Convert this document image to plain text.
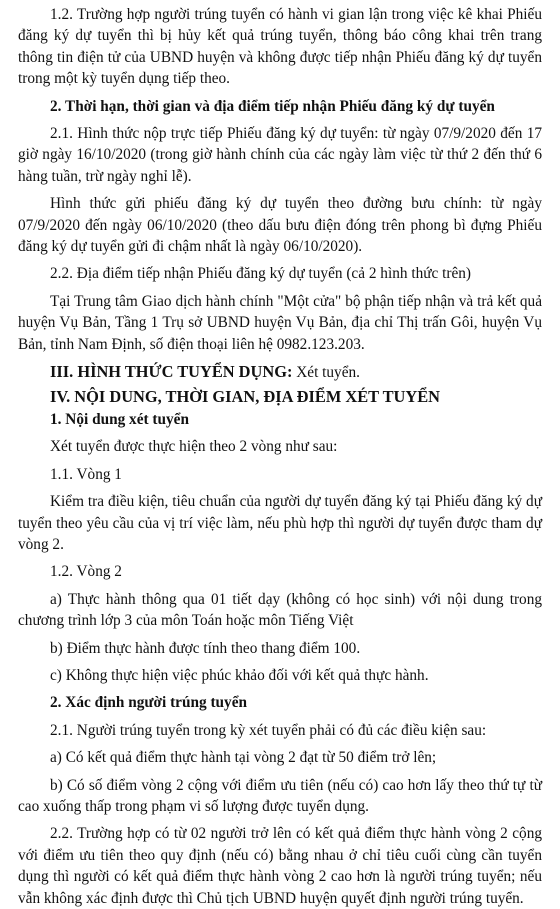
1.2. Trường hợp người trúng tuyển có hành vi gian lận trong việc kê khai Phiếu đăng ký dự tuyển thì bị hủy kết quả trúng tuyển, thông báo công khai trên trang thông tin điện tử của UBND huyện và không được tiếp nhận Phiếu đăng ký dự tuyển trong một kỳ tuyển dụng tiếp theo.

2. Thời hạn, thời gian và địa điểm tiếp nhận Phiếu đăng ký dự tuyển

2.1. Hình thức nộp trực tiếp Phiếu đăng ký dự tuyển: từ ngày 07/9/2020 đến 17 giờ ngày 16/10/2020 (trong giờ hành chính của các ngày làm việc từ thứ 2 đến thứ 6 hàng tuần, trừ ngày nghỉ lễ).

Hình thức gửi phiếu đăng ký dự tuyển theo đường bưu chính: từ ngày 07/9/2020 đến ngày 06/10/2020 (theo dấu bưu điện đóng trên phong bì đựng Phiếu đăng ký dự tuyển gửi đi chậm nhất là ngày 06/10/2020).

2.2. Địa điểm tiếp nhận Phiếu đăng ký dự tuyển (cả 2 hình thức trên)

Tại Trung tâm Giao dịch hành chính "Một cửa" bộ phận tiếp nhận và trả kết quả huyện Vụ Bản, Tầng 1 Trụ sở UBND huyện Vụ Bản, địa chỉ Thị trấn Gôi, huyện Vụ Bản, tỉnh Nam Định, số điện thoại liên hệ 0982.123.203.

III. HÌNH THỨC TUYỂN DỤNG: Xét tuyển.

IV. NỘI DUNG, THỜI GIAN, ĐỊA ĐIỂM XÉT TUYỂN

1. Nội dung xét tuyển

Xét tuyển được thực hiện theo 2 vòng như sau:

1.1. Vòng 1

Kiểm tra điều kiện, tiêu chuẩn của người dự tuyển đăng ký tại Phiếu đăng ký dự tuyển theo yêu cầu của vị trí việc làm, nếu phù hợp thì người dự tuyển được tham dự vòng 2.

1.2. Vòng 2

a) Thực hành thông qua 01 tiết dạy (không có học sinh) với nội dung trong chương trình lớp 3 của môn Toán hoặc môn Tiếng Việt

b) Điểm thực hành được tính theo thang điểm 100.

c) Không thực hiện việc phúc khảo đối với kết quả thực hành.

2. Xác định người trúng tuyển

2.1. Người trúng tuyển trong kỳ xét tuyển phải có đủ các điều kiện sau:

a) Có kết quả điểm thực hành tại vòng 2 đạt từ 50 điểm trở lên;

b) Có số điểm vòng 2 cộng với điểm ưu tiên (nếu có) cao hơn lấy theo thứ tự từ cao xuống thấp trong phạm vi số lượng được tuyển dụng.

2.2. Trường hợp có từ 02 người trở lên có kết quả điểm thực hành vòng 2 cộng với điểm ưu tiên theo quy định (nếu có) bằng nhau ở chỉ tiêu cuối cùng cần tuyển dụng thì người có kết quả điểm thực hành vòng 2 cao hơn là người trúng tuyển; nếu vẫn không xác định được thì Chủ tịch UBND huyện quyết định người trúng tuyển.
